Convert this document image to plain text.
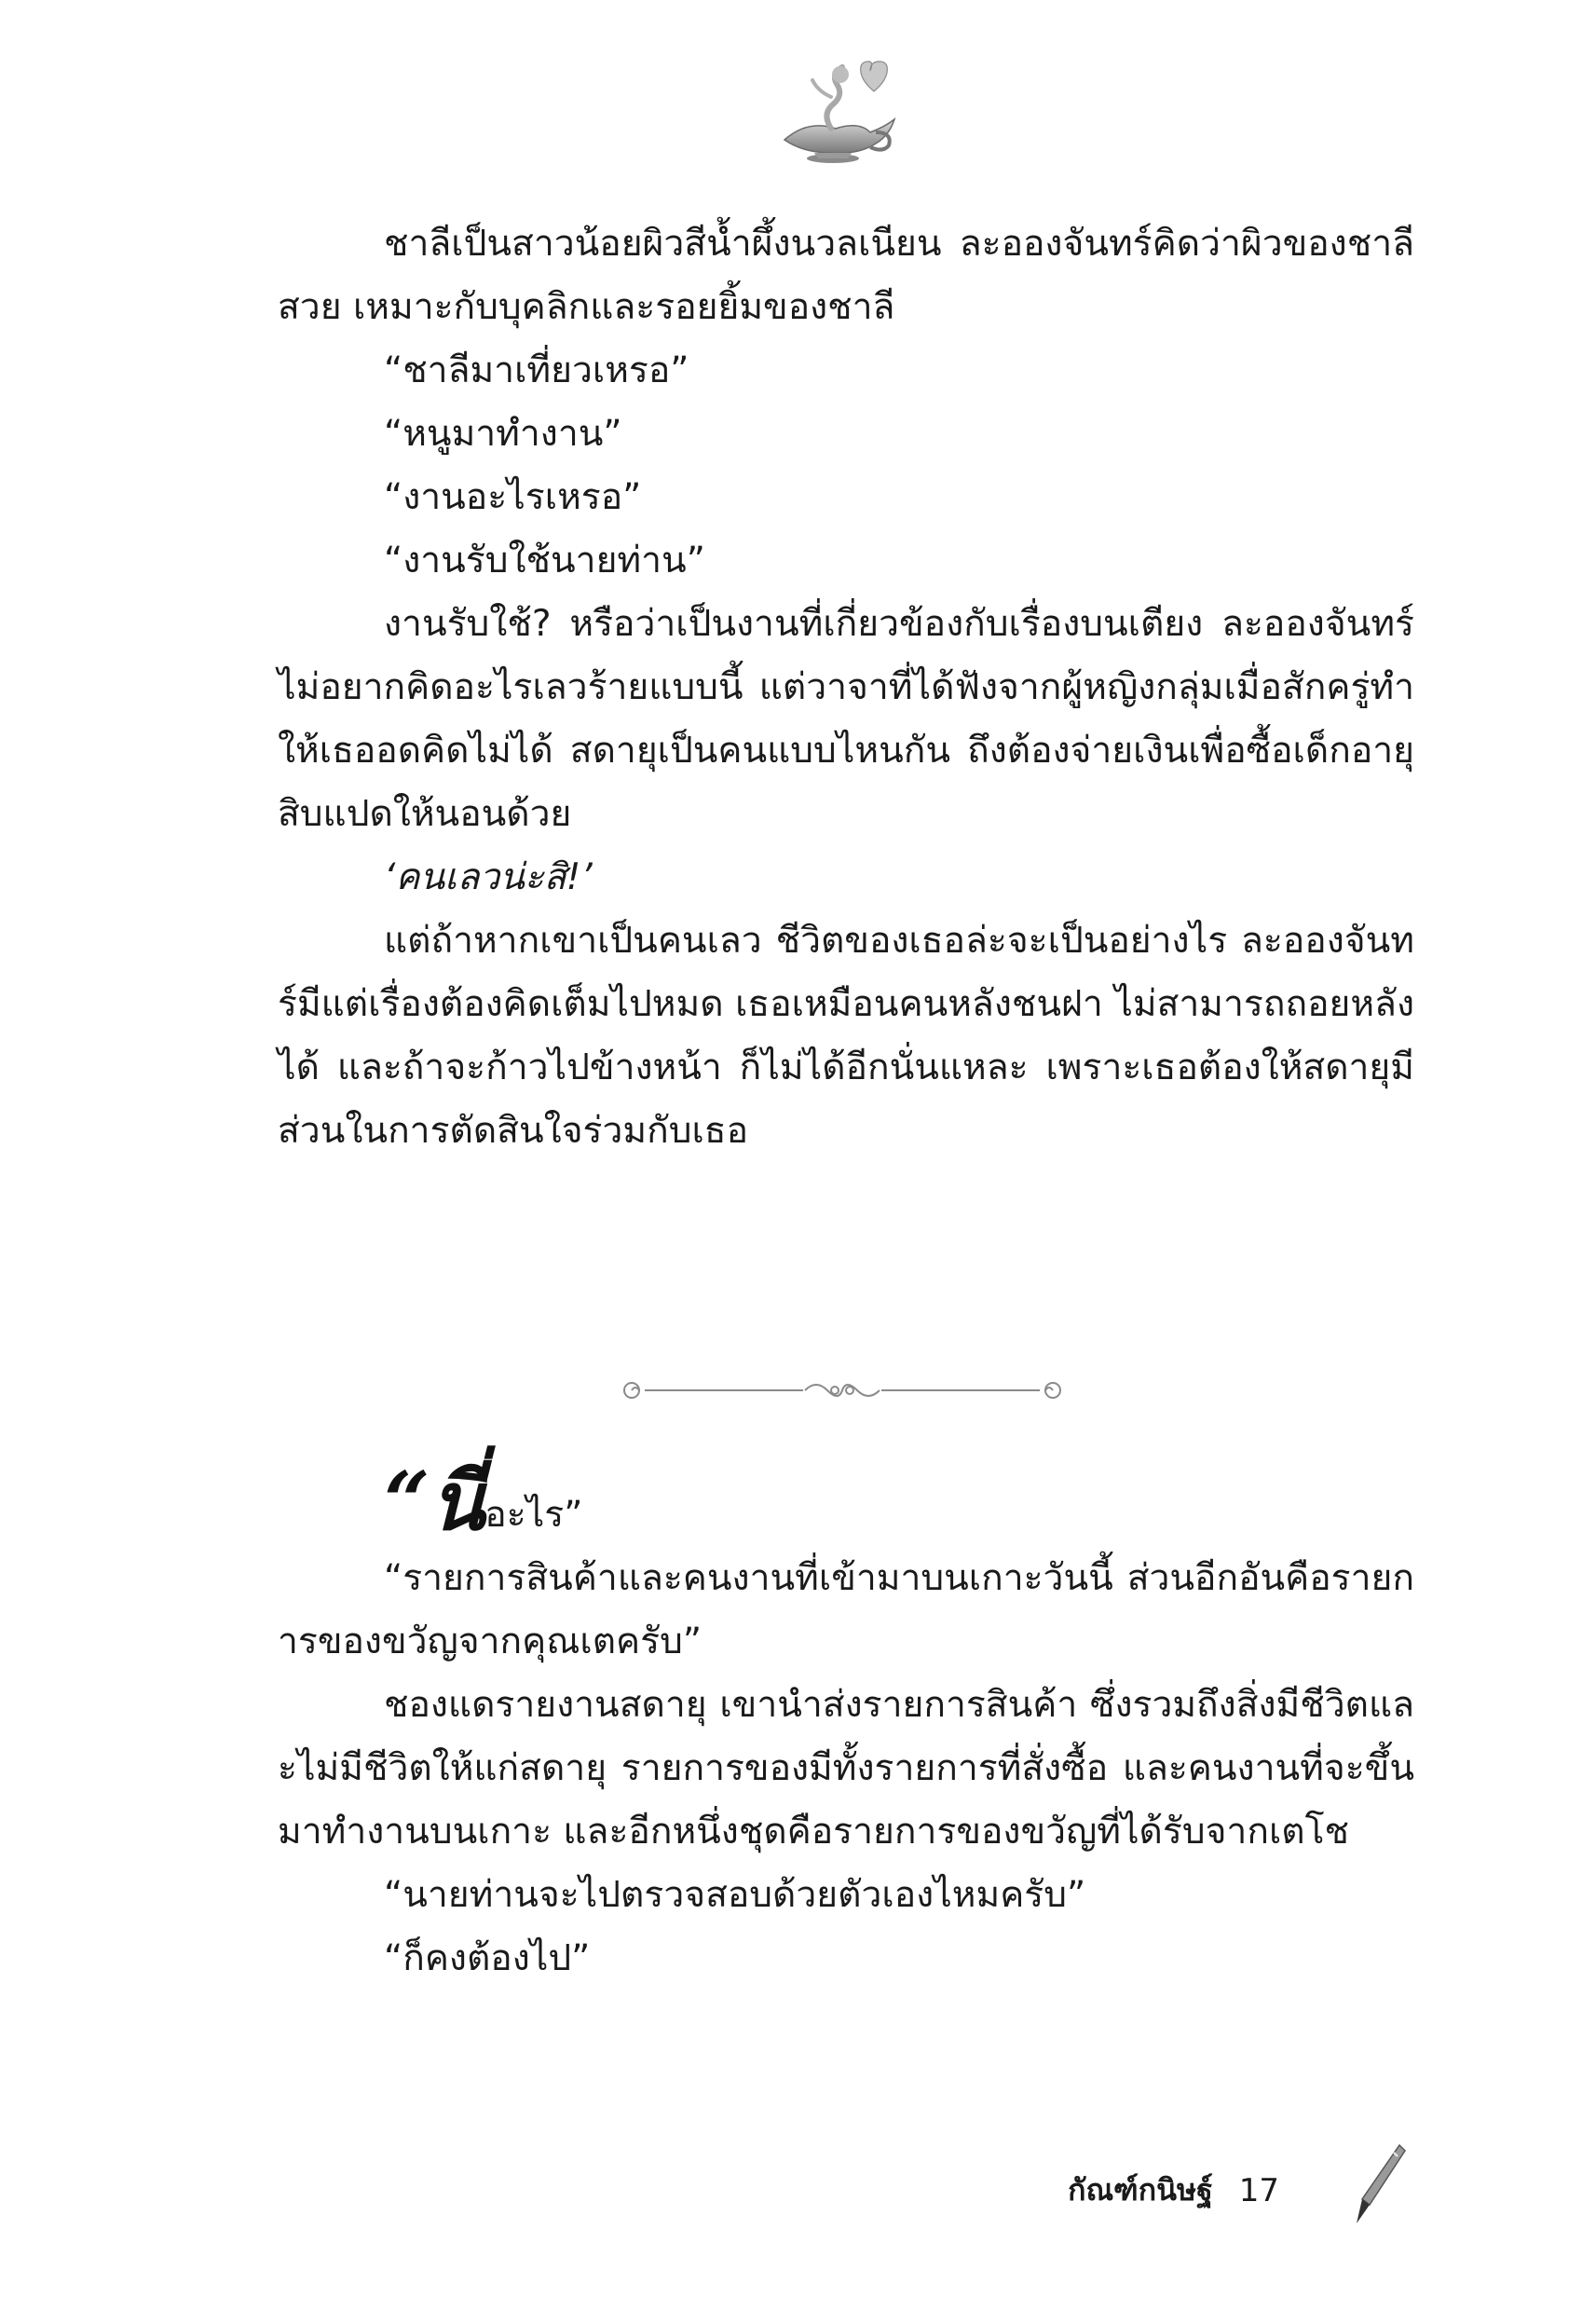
ชาลีเป็นสาวน้อยผิวสีน้ำผึ้งนวลเนียน ละอองจันทร์คิดว่าผิวของชาลีสวย เหมาะกับบุคลิกและรอยยิ้มของชาลี

“ชาลีมาเที่ยวเหรอ”

“หนูมาทำงาน”

“งานอะไรเหรอ”

“งานรับใช้นายท่าน”

งานรับใช้? หรือว่าเป็นงานที่เกี่ยวข้องกับเรื่องบนเตียง ละอองจันทร์ไม่อยากคิดอะไรเลวร้ายแบบนี้ แต่วาจาที่ได้ฟังจากผู้หญิงกลุ่มเมื่อสักครู่ทำให้เธออดคิดไม่ได้ สดายุเป็นคนแบบไหนกัน ถึงต้องจ่ายเงินเพื่อซื้อเด็กอายุสิบแปดให้นอนด้วย

‘คนเลวน่ะสิ!’

แต่ถ้าหากเขาเป็นคนเลว ชีวิตของเธอล่ะจะเป็นอย่างไร ละอองจันทร์มีแต่เรื่องต้องคิดเต็มไปหมด เธอเหมือนคนหลังชนฝา ไม่สามารถถอยหลังได้ และถ้าจะก้าวไปข้างหน้า ก็ไม่ได้อีกนั่นแหละ เพราะเธอต้องให้สดายุมีส่วนในการตัดสินใจร่วมกับเธอ

“นี่ อะไร”

“รายการสินค้าและคนงานที่เข้ามาบนเกาะวันนี้ ส่วนอีกอันคือรายการของขวัญจากคุณเตครับ”

ชองแดรายงานสดายุ เขานำส่งรายการสินค้า ซึ่งรวมถึงสิ่งมีชีวิตและไม่มีชีวิตให้แก่สดายุ รายการของมีทั้งรายการที่สั่งซื้อ และคนงานที่จะขึ้นมาทำงานบนเกาะ และอีกหนึ่งชุดคือรายการของขวัญที่ได้รับจากเตโช

“นายท่านจะไปตรวจสอบด้วยตัวเองไหมครับ”

“ก็คงต้องไป”

กัณฑ์กนิษฐ์ 17
